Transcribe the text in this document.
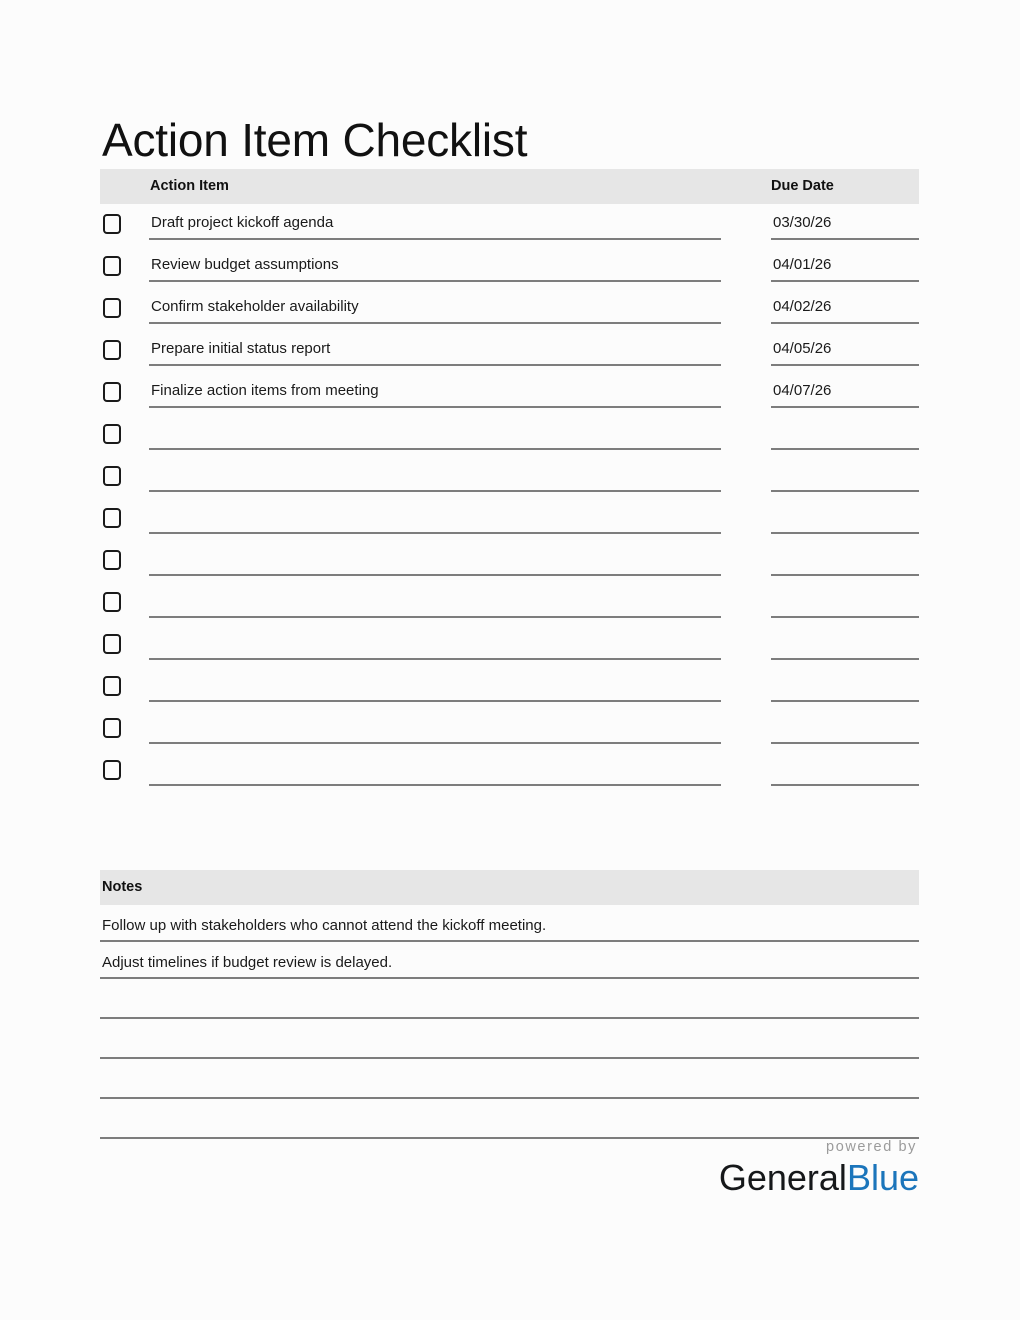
Action Item Checklist
Action Item	Due Date
Draft project kickoff agenda	03/30/26
Review budget assumptions	04/01/26
Confirm stakeholder availability	04/02/26
Prepare initial status report	04/05/26
Finalize action items from meeting	04/07/26
Notes
Follow up with stakeholders who cannot attend the kickoff meeting.
Adjust timelines if budget review is delayed.
powered by
GeneralBlue
